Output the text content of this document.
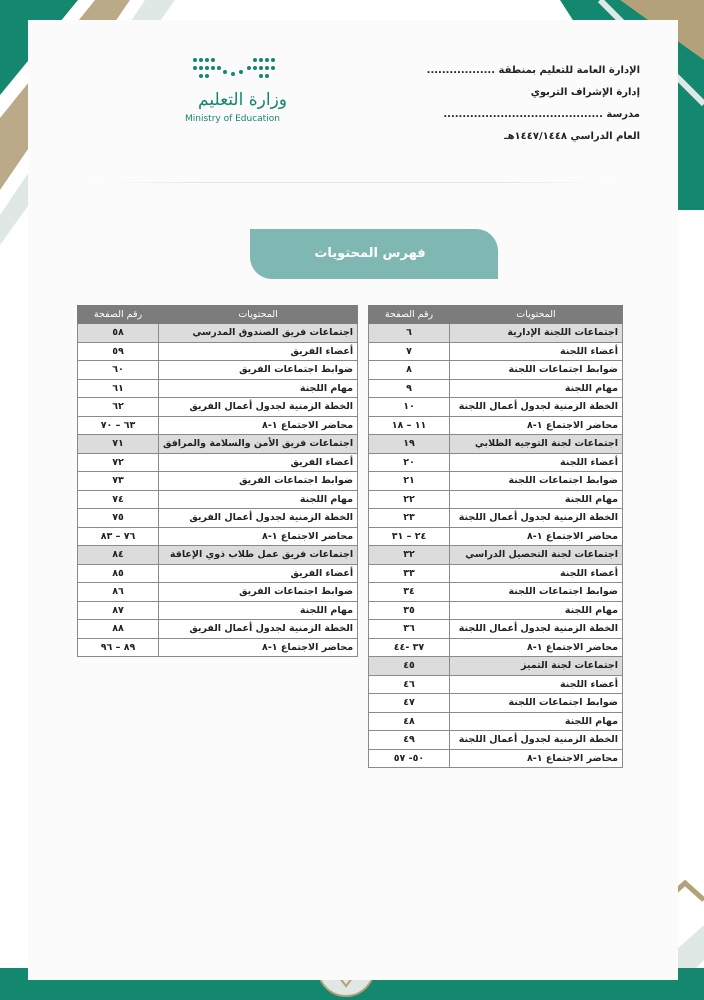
وزارة التعليم
Ministry of Education
الإدارة العامة للتعليم بمنطقة ..................
إدارة الإشراف التربوي
مدرسة ..........................................
العام الدراسي ١٤٤٧/١٤٤٨هـ
فهرس المحتويات
المحتويات	رقم الصفحة
اجتماعات اللجنة الإدارية	٦
أعضاء اللجنة	٧
ضوابط اجتماعات اللجنة	٨
مهام اللجنة	٩
الخطة الزمنية لجدول أعمال اللجنة	١٠
محاضر الاجتماع ١-٨	١١ – ١٨
اجتماعات لجنة التوجيه الطلابي	١٩
أعضاء اللجنة	٢٠
ضوابط اجتماعات اللجنة	٢١
مهام اللجنة	٢٢
الخطة الزمنية لجدول أعمال اللجنة	٢٣
محاضر الاجتماع ١-٨	٢٤ – ٣١
اجتماعات لجنة التحصيل الدراسي	٣٢
أعضاء اللجنة	٣٣
ضوابط اجتماعات اللجنة	٣٤
مهام اللجنة	٣٥
الخطة الزمنية لجدول أعمال اللجنة	٣٦
محاضر الاجتماع ١-٨	٣٧ -٤٤
اجتماعات لجنة التميز	٤٥
أعضاء اللجنة	٤٦
ضوابط اجتماعات اللجنة	٤٧
مهام اللجنة	٤٨
الخطة الزمنية لجدول أعمال اللجنة	٤٩
محاضر الاجتماع ١-٨	٥٠- ٥٧
المحتويات	رقم الصفحة
اجتماعات فريق الصندوق المدرسي	٥٨
أعضاء الفريق	٥٩
ضوابط اجتماعات الفريق	٦٠
مهام اللجنة	٦١
الخطة الزمنية لجدول أعمال الفريق	٦٢
محاضر الاجتماع ١-٨	٦٣ – ٧٠
اجتماعات فريق الأمن والسلامة والمرافق	٧١
أعضاء الفريق	٧٢
ضوابط اجتماعات الفريق	٧٣
مهام اللجنة	٧٤
الخطة الزمنية لجدول أعمال الفريق	٧٥
محاضر الاجتماع ١-٨	٧٦ – ٨٣
اجتماعات فريق عمل طلاب ذوي الإعاقة	٨٤
أعضاء الفريق	٨٥
ضوابط اجتماعات الفريق	٨٦
مهام اللجنة	٨٧
الخطة الزمنية لجدول أعمال الفريق	٨٨
محاضر الاجتماع ١-٨	٨٩ – ٩٦
